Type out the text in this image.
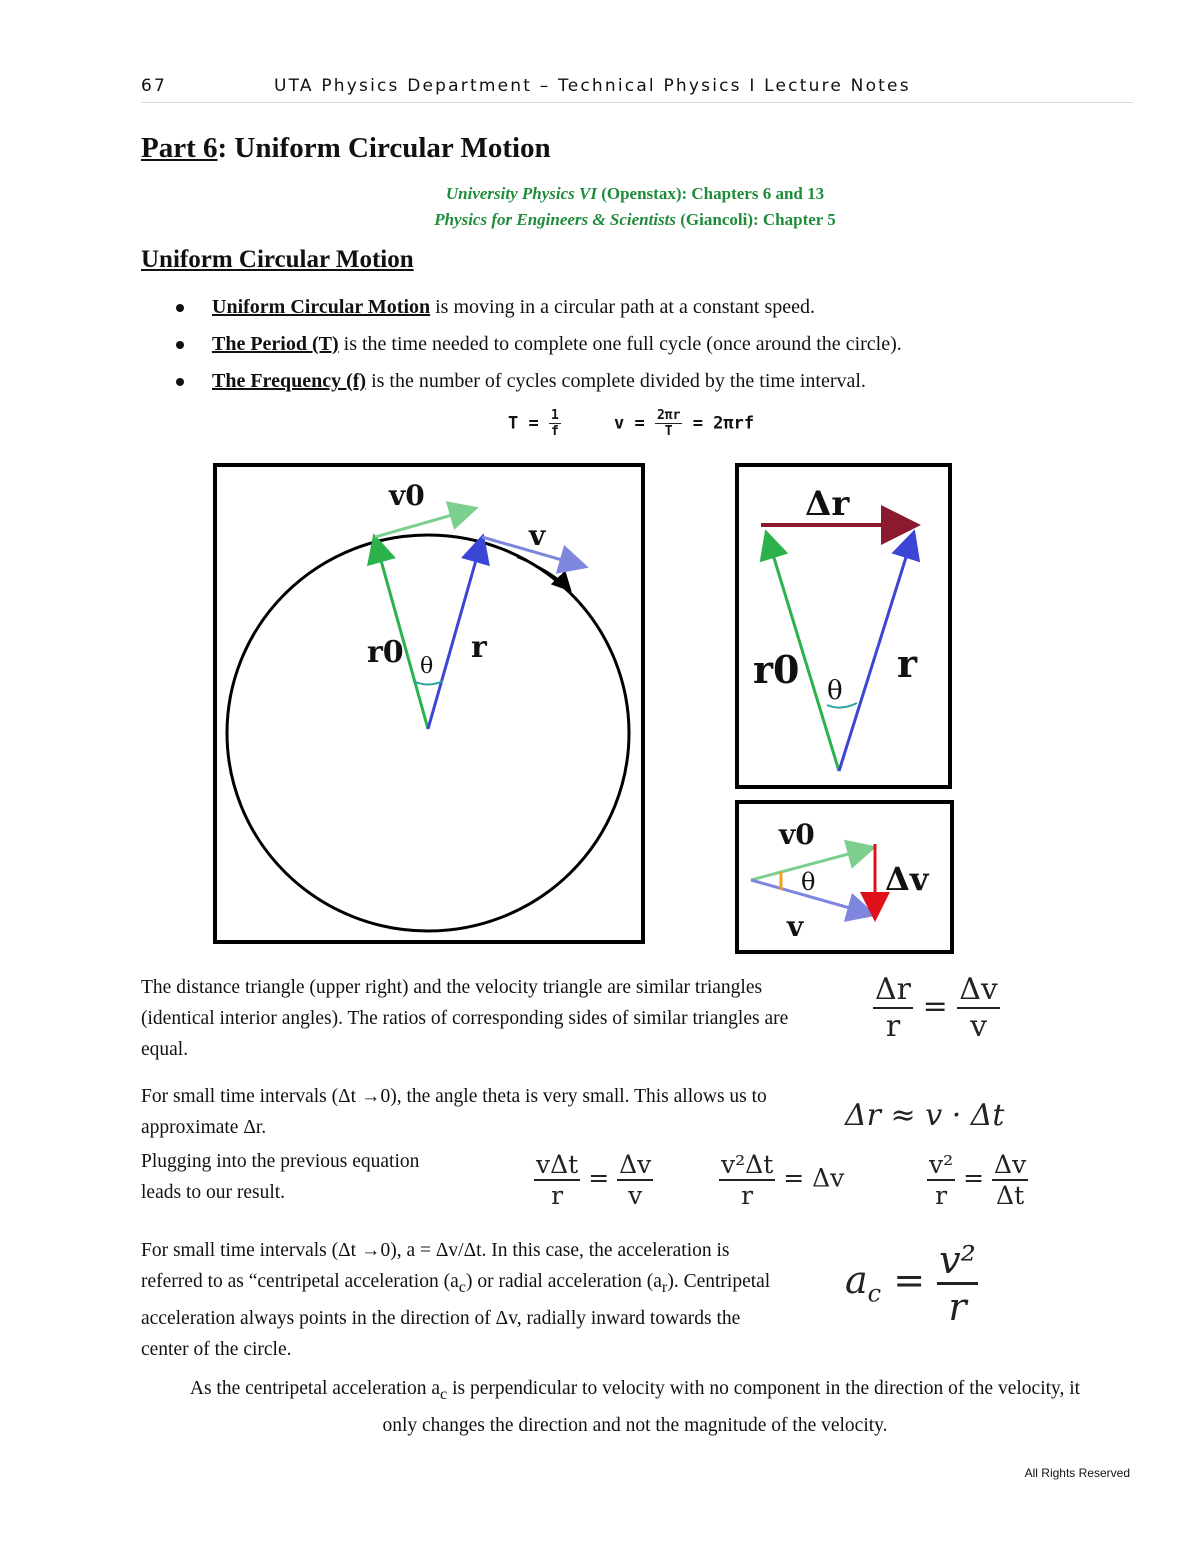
67	UTA Physics Department – Technical Physics I Lecture Notes
Part 6: Uniform Circular Motion
University Physics VI (Openstax): Chapters 6 and 13
Physics for Engineers & Scientists (Giancoli): Chapter 5
Uniform Circular Motion
Uniform Circular Motion is moving in a circular path at a constant speed.
The Period (T) is the time needed to complete one full cycle (once around the circle).
The Frequency (f) is the number of cycles complete divided by the time interval.
$T = \frac{1}{f}$	$v = \frac{2\pi r}{T} = 2\pi rf$
v0
v
r0 r
θ
Δr
r0	r
θ
v0
θ
v
Δv
The distance triangle (upper right) and the velocity triangle are similar triangles (identical interior angles). The ratios of corresponding sides of similar triangles are equal.
$\frac{\Delta r}{r} = \frac{\Delta v}{v}$
For small time intervals (Δt →0), the angle theta is very small. This allows us to approximate Δr.
Plugging into the previous equation leads to our result.
Δr ≈ v · Δt
$\frac{\text{vΔt}}{r} = \frac{\Delta v}{v}$	$\frac{\text{v²Δt}}{r} = \Delta v$	$\frac{\text{v²}}{r} = \frac{\Delta v}{\Delta t}$
For small time intervals (Δt →0), a = Δv/Δt. In this case, the acceleration is referred to as “centripetal acceleration $(a_c)$ or radial acceleration $(a_r)$. Centripetal acceleration always points in the direction of Δv, radially inward towards the center of the circle.
$a_c = \frac{\text{v²}}{r}$
As the centripetal acceleration $a_c$ is perpendicular to velocity with no component in the direction of the velocity, it only changes the direction and not the magnitude of the velocity.
All Rights Reserved
